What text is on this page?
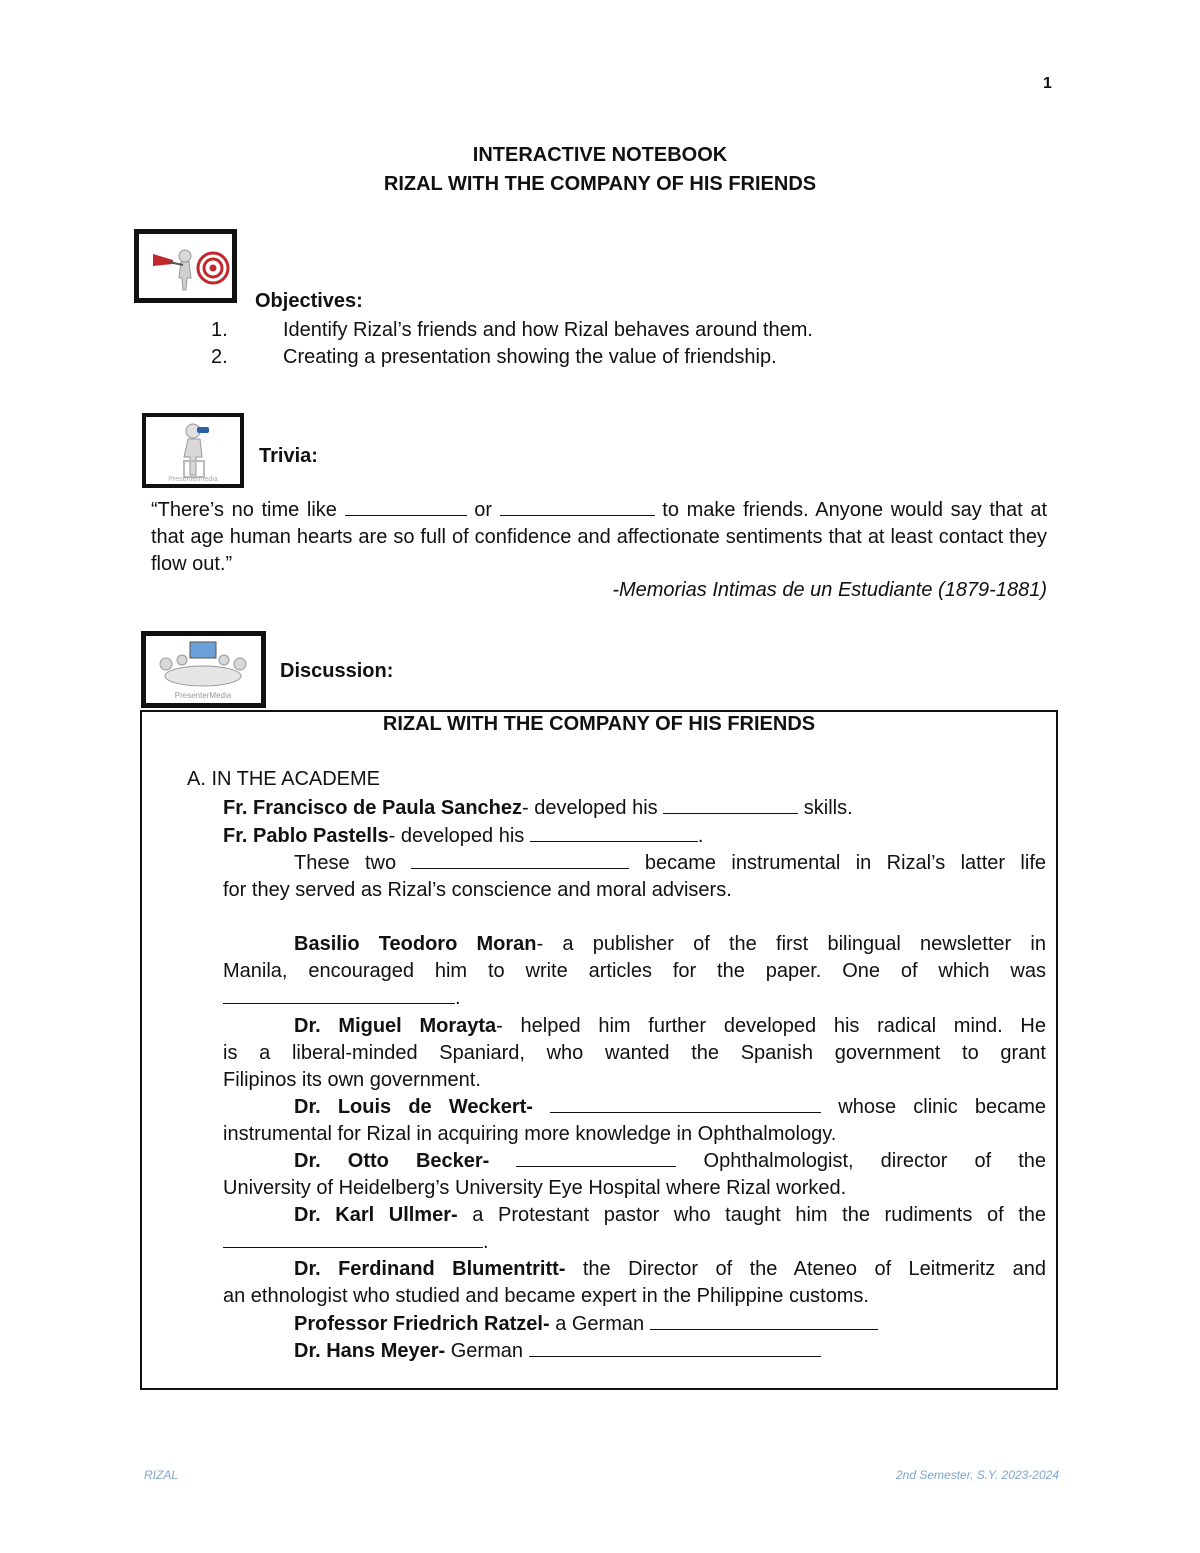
1
INTERACTIVE NOTEBOOK
RIZAL WITH THE COMPANY OF HIS FRIENDS
Objectives:
1.	Identify Rizal’s friends and how Rizal behaves around them.
2.	Creating a presentation showing the value of friendship.
Presentermedia
Trivia:
“There’s no time like	or	to make friends. Anyone would say that at that age human hearts are so full of confidence and affectionate sentiments that at least contact they flow out.”
-Memorias Intimas de un Estudiante (1879-1881)
PresenterMedia
Discussion:
RIZAL WITH THE COMPANY OF HIS FRIENDS
A. IN THE ACADEME
Fr. Francisco de Paula Sanchez- developed his	skills.
Fr. Pablo Pastells- developed his	.
These two	became instrumental in Rizal’s latter life
for they served as Rizal’s conscience and moral advisers.
Basilio Teodoro Moran- a publisher of the first bilingual newsletter in
Manila, encouraged him to write articles for the paper. One of which was
.
Dr. Miguel Morayta- helped him further developed his radical mind. He
is a liberal-minded Spaniard, who wanted the Spanish government to grant
Filipinos its own government.
Dr. Louis de Weckert-	whose clinic became
instrumental for Rizal in acquiring more knowledge in Ophthalmology.
Dr. Otto Becker-	Ophthalmologist, director of the
University of Heidelberg’s University Eye Hospital where Rizal worked.
Dr. Karl Ullmer- a Protestant pastor who taught him the rudiments of the
.
Dr. Ferdinand Blumentritt- the Director of the Ateneo of Leitmeritz and
an ethnologist who studied and became expert in the Philippine customs.
Professor Friedrich Ratzel- a German
Dr. Hans Meyer- German
RIZAL	2nd Semester, S.Y. 2023-2024
